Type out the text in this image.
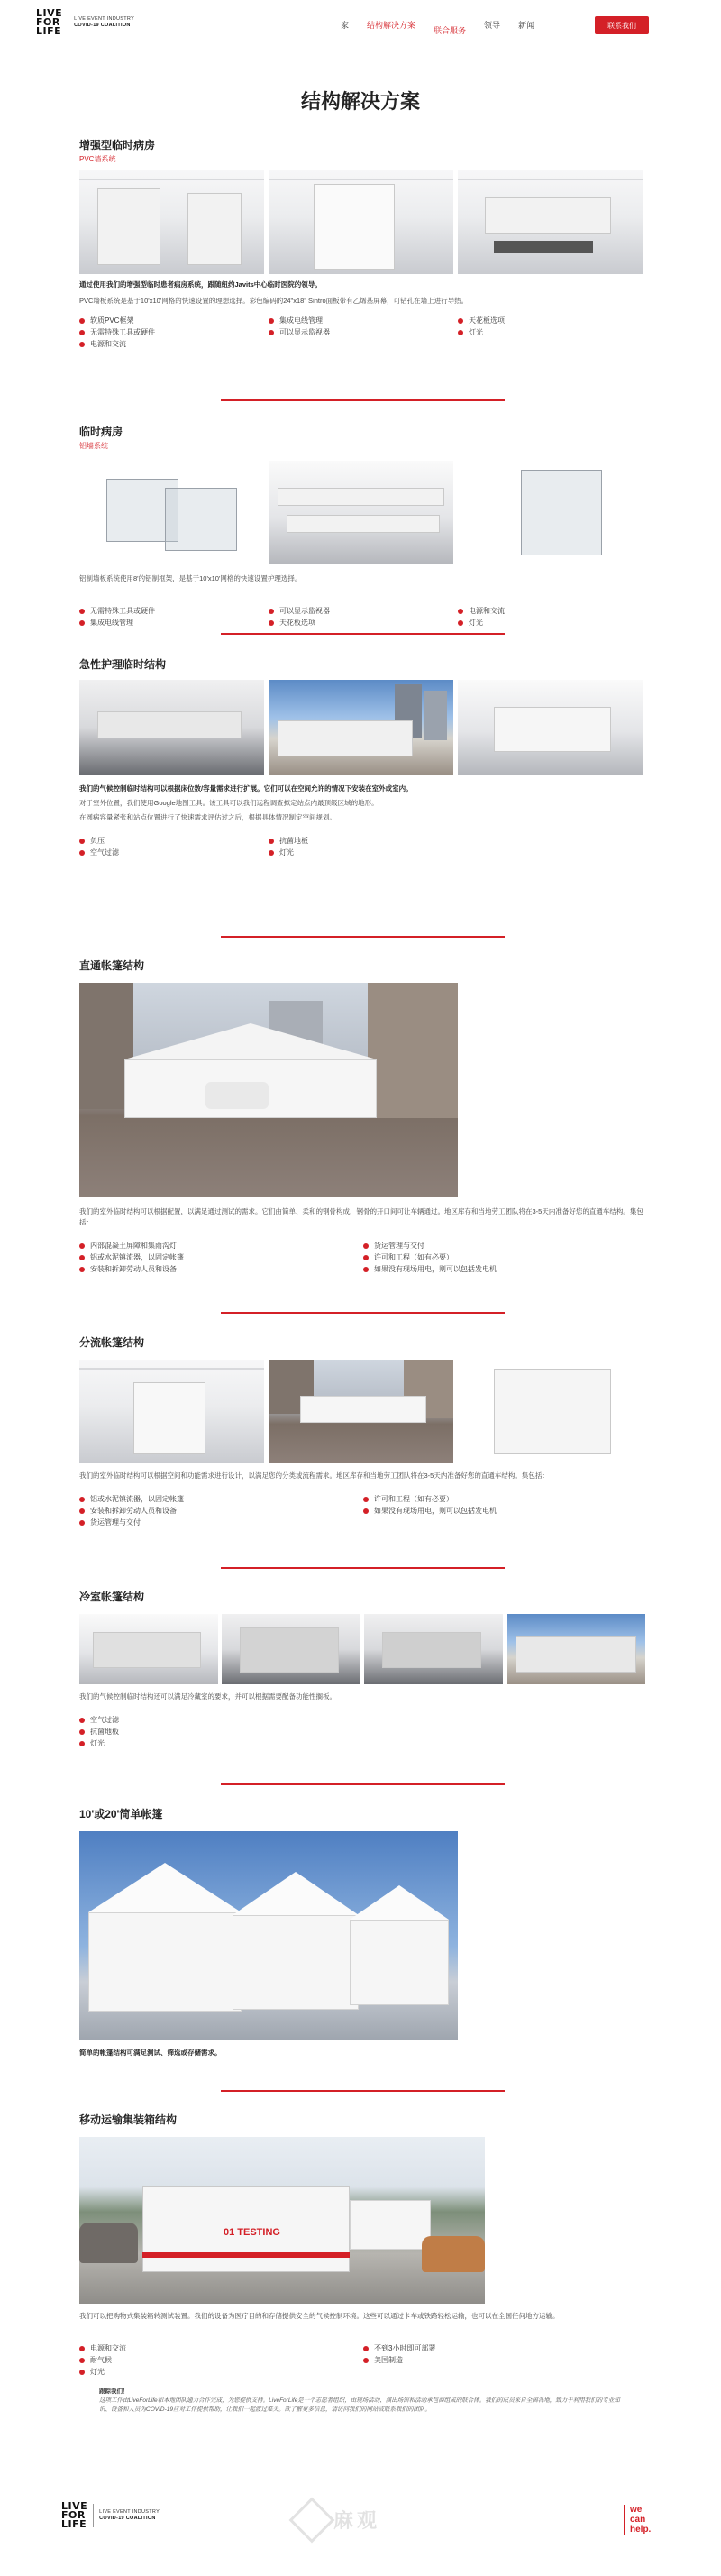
LIVE
FOR
LIFE
LIVE EVENT INDUSTRY
COVID-19 COALITION	家 结构解决方案
联合服务
领导 新闻	联系我们
结构解决方案
增强型临时病房
PVC墙系统
通过使用我们的增强型临时患者病房系统，跟随纽约Javits中心临时医院的领导。
PVC墙板系统是基于10'x10'网格的快速设置的理想选择。彩色编码的24"x18" Sintro面板带有乙烯基屏幕，可钻孔在墙上进行导热。
软质PVC框架	集成电线管理	天花板选项
无需特殊工具或硬件	可以显示监视器	灯光
电源和交流
临时病房
铝墙系统
铝制墙板系统使用8'的铝制框架，是基于10'x10'网格的快速设置护理选择。
无需特殊工具或硬件	可以显示监视器	电源和交流
集成电线管理	天花板选项	灯光
急性护理临时结构
我们的气候控制临时结构可以根据床位数/容量需求进行扩展。它们可以在空间允许的情况下安装在室外或室内。
对于室外位置，我们使用Google地图工具。该工具可以我们远程调查拟定站点内最顶级区域的地形。
在圆病容量紧张和站点位置进行了快速需求评估过之后，根据具体情况制定空间规划。
负压	抗菌地板
空气过滤	灯光
直通帐篷结构
我们的室外临时结构可以根据配置，以满足通过测试的需求。它们由简单、柔和的钢骨构成，钢骨的开口间可让车辆通过。地区库存和当地劳工团队将在3-5天内准备好您的直通车结构。集包括：
内部混凝土屏障和集雨沟灯	货运管理与交付
铝或水泥镇流器，以固定帐篷	许可和工程（如有必要）
安装和拆卸劳动人员和设备	如果没有现场用电，则可以包括发电机
分流帐篷结构
我们的室外临时结构可以根据空间和功能需求进行设计，以满足您的分类或流程需求。地区库存和当地劳工团队将在3-5天内准备好您的直通车结构。集包括：
铝或水泥镇流器，以固定帐篷	许可和工程（如有必要）
安装和拆卸劳动人员和设备	如果没有现场用电，则可以包括发电机
货运管理与交付
冷室帐篷结构
我们的气候控制临时结构还可以满足冷藏室的要求，并可以根据需要配备功能性搁板。
空气过滤
抗菌地板
灯光
10'或20'简单帐篷
简单的帐篷结构可满足测试、筛选或存储需求。
移动运输集装箱结构
01 TESTING
我们可以把购物式集装箱转测试装置。我们的设备为医疗目的和存储提供安全的气候控制环境。这些可以通过卡车或铁路轻松运输，也可以在全国任何地方运输。
电源和交流	不到3小时即可部署
耐气候	美国制造
灯光
跟踪我们！
这项工作由LiveForLife和本地团队通力合作完成，为您提供支持。LiveForLife是一个志愿者组织，由现场活动、演出场馆和活动承包商组成的联合体。我们的成员来自全国各地，致力于利用我们的专业知识、设备和人员为COVID-19应对工作提供帮助，让我们一起渡过难关。欲了解更多信息，请访问我们的网站或联系我们的团队。
LIVE
FOR
LIFE
LIVE EVENT INDUSTRY
COVID-19 COALITION	麻观	we
can
help.
